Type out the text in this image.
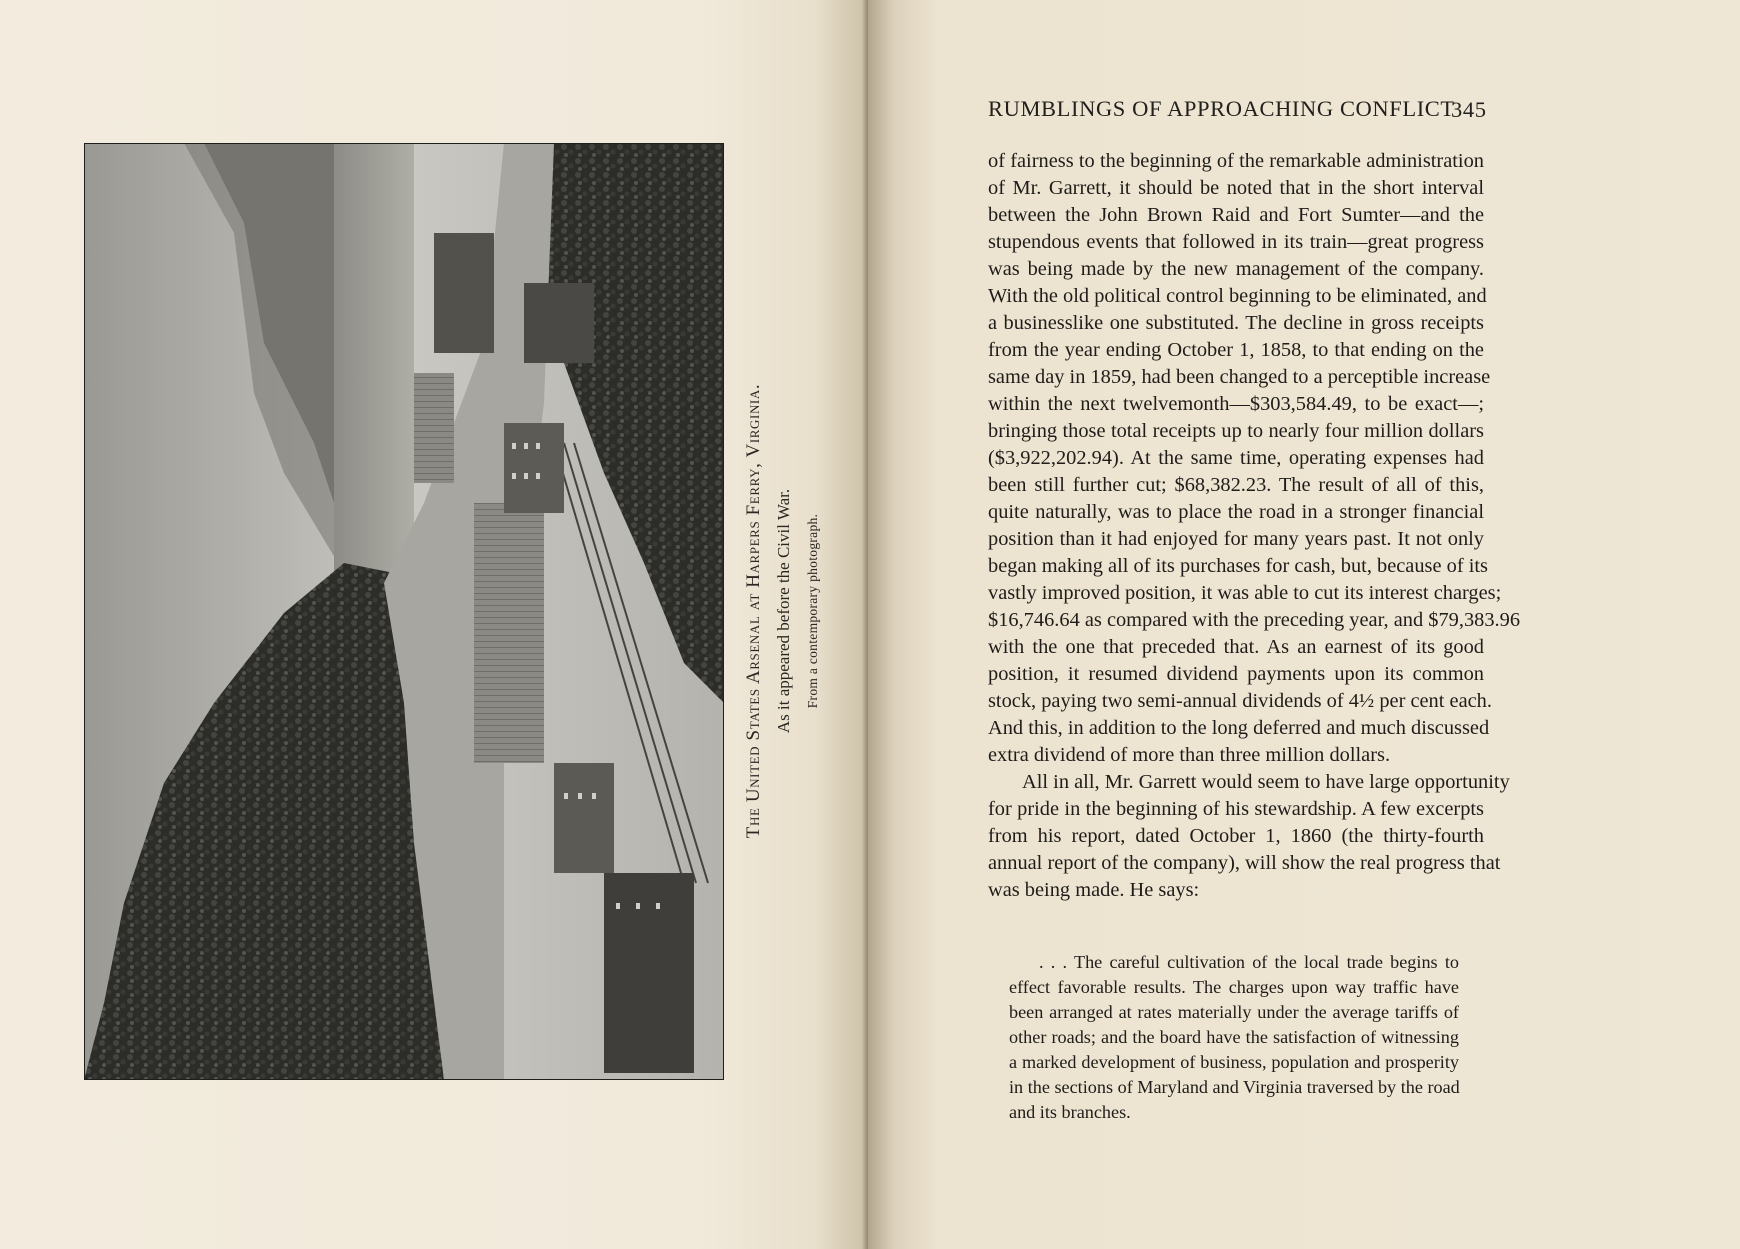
The United States Arsenal at Harpers Ferry, Virginia. As it appeared before the Civil War. From a contemporary photograph.
RUMBLINGS OF APPROACHING CONFLICT
345
of fairness to the beginning of the remarkable administration
of Mr. Garrett, it should be noted that in the short interval
between the John Brown Raid and Fort Sumter—and the
stupendous events that followed in its train—great progress
was being made by the new management of the company.
With the old political control beginning to be eliminated, and
a businesslike one substituted. The decline in gross receipts
from the year ending October 1, 1858, to that ending on the
same day in 1859, had been changed to a perceptible increase
within the next twelvemonth—$303,584.49, to be exact—;
bringing those total receipts up to nearly four million dollars
($3,922,202.94). At the same time, operating expenses had
been still further cut; $68,382.23. The result of all of this,
quite naturally, was to place the road in a stronger financial
position than it had enjoyed for many years past. It not only
began making all of its purchases for cash, but, because of its
vastly improved position, it was able to cut its interest charges;
$16,746.64 as compared with the preceding year, and $79,383.96
with the one that preceded that. As an earnest of its good
position, it resumed dividend payments upon its common
stock, paying two semi-annual dividends of 4½ per cent each.
And this, in addition to the long deferred and much discussed
extra dividend of more than three million dollars.
All in all, Mr. Garrett would seem to have large opportunity
for pride in the beginning of his stewardship. A few excerpts
from his report, dated October 1, 1860 (the thirty-fourth
annual report of the company), will show the real progress that
was being made. He says:
. . . The careful cultivation of the local trade begins to
effect favorable results. The charges upon way traffic have
been arranged at rates materially under the average tariffs of
other roads; and the board have the satisfaction of witnessing
a marked development of business, population and prosperity
in the sections of Maryland and Virginia traversed by the road
and its branches.
